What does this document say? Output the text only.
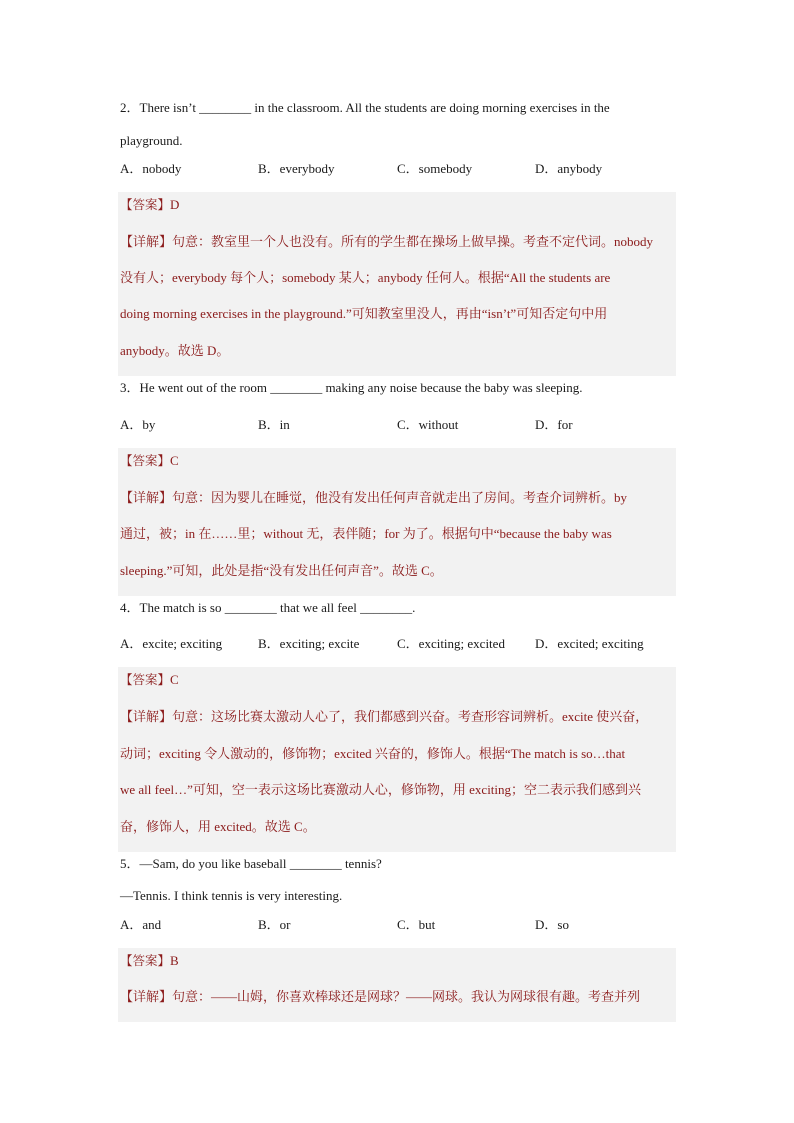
2．There isn’t ________ in the classroom. All the students are doing morning exercises in the
playground.
A．nobody	B．everybody	C．somebody	D．anybody
【答案】D
【详解】句意：教室里一个人也没有。所有的学生都在操场上做早操。考查不定代词。nobody
没有人；everybody 每个人；somebody 某人；anybody 任何人。根据“All the students are
doing morning exercises in the playground.”可知教室里没人，再由“isn’t”可知否定句中用
anybody。故选 D。
3．He went out of the room ________ making any noise because the baby was sleeping.
A．by	B．in	C．without	D．for
【答案】C
【详解】句意：因为婴儿在睡觉，他没有发出任何声音就走出了房间。考查介词辨析。by
通过，被；in 在……里；without 无，表伴随；for 为了。根据句中“because the baby was
sleeping.”可知，此处是指“没有发出任何声音”。故选 C。
4．The match is so ________ that we all feel ________.
A．excite; exciting	B．exciting; excite	C．exciting; excited D．excited; exciting
【答案】C
【详解】句意：这场比赛太激动人心了，我们都感到兴奋。考查形容词辨析。excite 使兴奋，
动词；exciting 令人激动的，修饰物；excited 兴奋的，修饰人。根据“The match is so…that
we all feel…”可知，空一表示这场比赛激动人心，修饰物，用 exciting；空二表示我们感到兴
奋，修饰人，用 excited。故选 C。
5．—Sam, do you like baseball ________ tennis?
—Tennis. I think tennis is very interesting.
A．and	B．or	C．but	D．so
【答案】B
【详解】句意：——山姆，你喜欢棒球还是网球？——网球。我认为网球很有趣。考查并列
